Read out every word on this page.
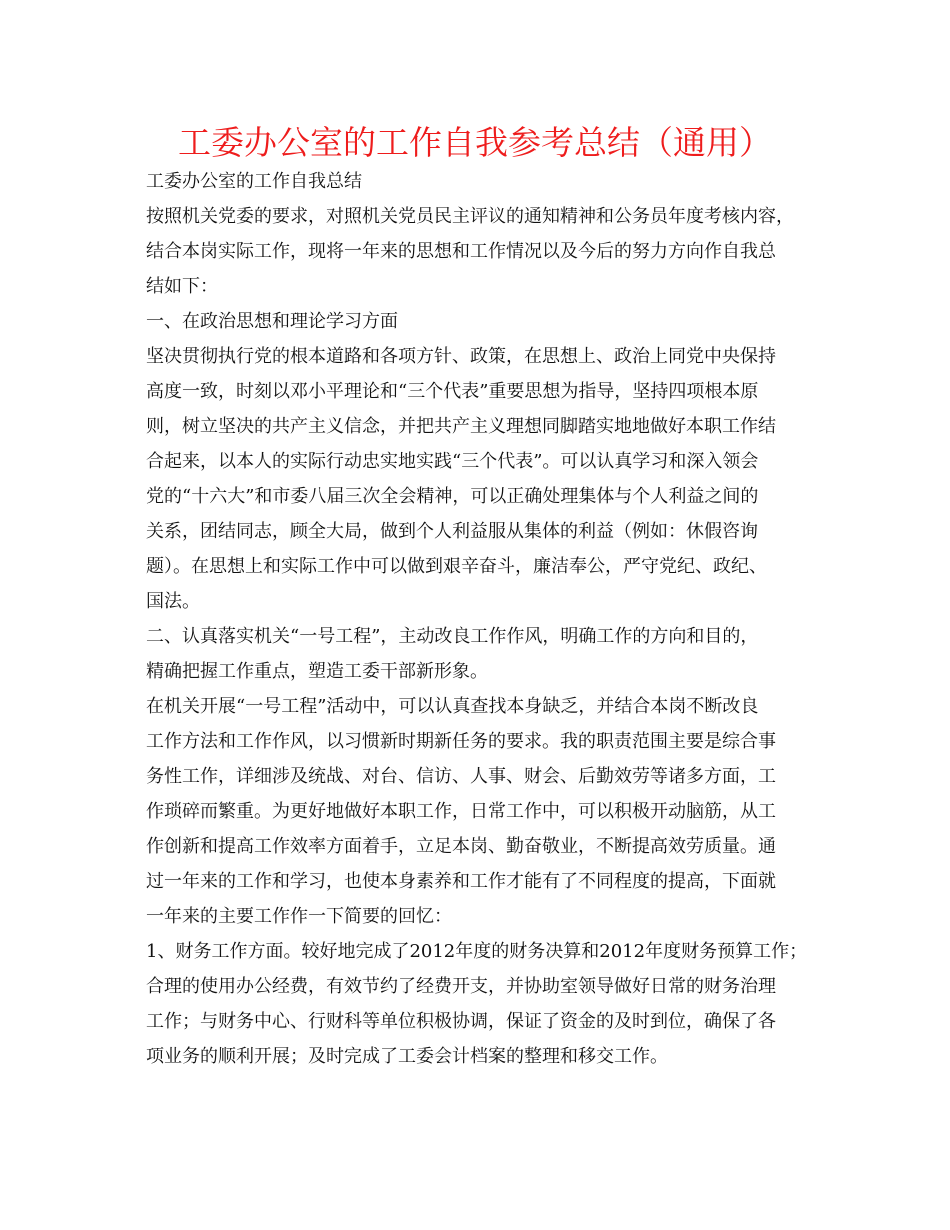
工委办公室的工作自我参考总结（通用）
工委办公室的工作自我总结
按照机关党委的要求，对照机关党员民主评议的通知精神和公务员年度考核内容，
结合本岗实际工作，现将一年来的思想和工作情况以及今后的努力方向作自我总
结如下：
一、在政治思想和理论学习方面
坚决贯彻执行党的根本道路和各项方针、政策，在思想上、政治上同党中央保持
高度一致，时刻以邓小平理论和“三个代表”重要思想为指导，坚持四项根本原
则，树立坚决的共产主义信念，并把共产主义理想同脚踏实地地做好本职工作结
合起来，以本人的实际行动忠实地实践“三个代表”。可以认真学习和深入领会
党的“十六大”和市委八届三次全会精神，可以正确处理集体与个人利益之间的
关系，团结同志，顾全大局，做到个人利益服从集体的利益（例如：休假咨询
题）。在思想上和实际工作中可以做到艰辛奋斗，廉洁奉公，严守党纪、政纪、
国法。
二、认真落实机关“一号工程”，主动改良工作作风，明确工作的方向和目的，
精确把握工作重点，塑造工委干部新形象。
在机关开展“一号工程”活动中，可以认真查找本身缺乏，并结合本岗不断改良
工作方法和工作作风，以习惯新时期新任务的要求。我的职责范围主要是综合事
务性工作，详细涉及统战、对台、信访、人事、财会、后勤效劳等诸多方面，工
作琐碎而繁重。为更好地做好本职工作，日常工作中，可以积极开动脑筋，从工
作创新和提高工作效率方面着手，立足本岗、勤奋敬业，不断提高效劳质量。通
过一年来的工作和学习，也使本身素养和工作才能有了不同程度的提高，下面就
一年来的主要工作作一下简要的回忆：
1、财务工作方面。较好地完成了2012年度的财务决算和2012年度财务预算工作；
合理的使用办公经费，有效节约了经费开支，并协助室领导做好日常的财务治理
工作；与财务中心、行财科等单位积极协调，保证了资金的及时到位，确保了各
项业务的顺利开展；及时完成了工委会计档案的整理和移交工作。
